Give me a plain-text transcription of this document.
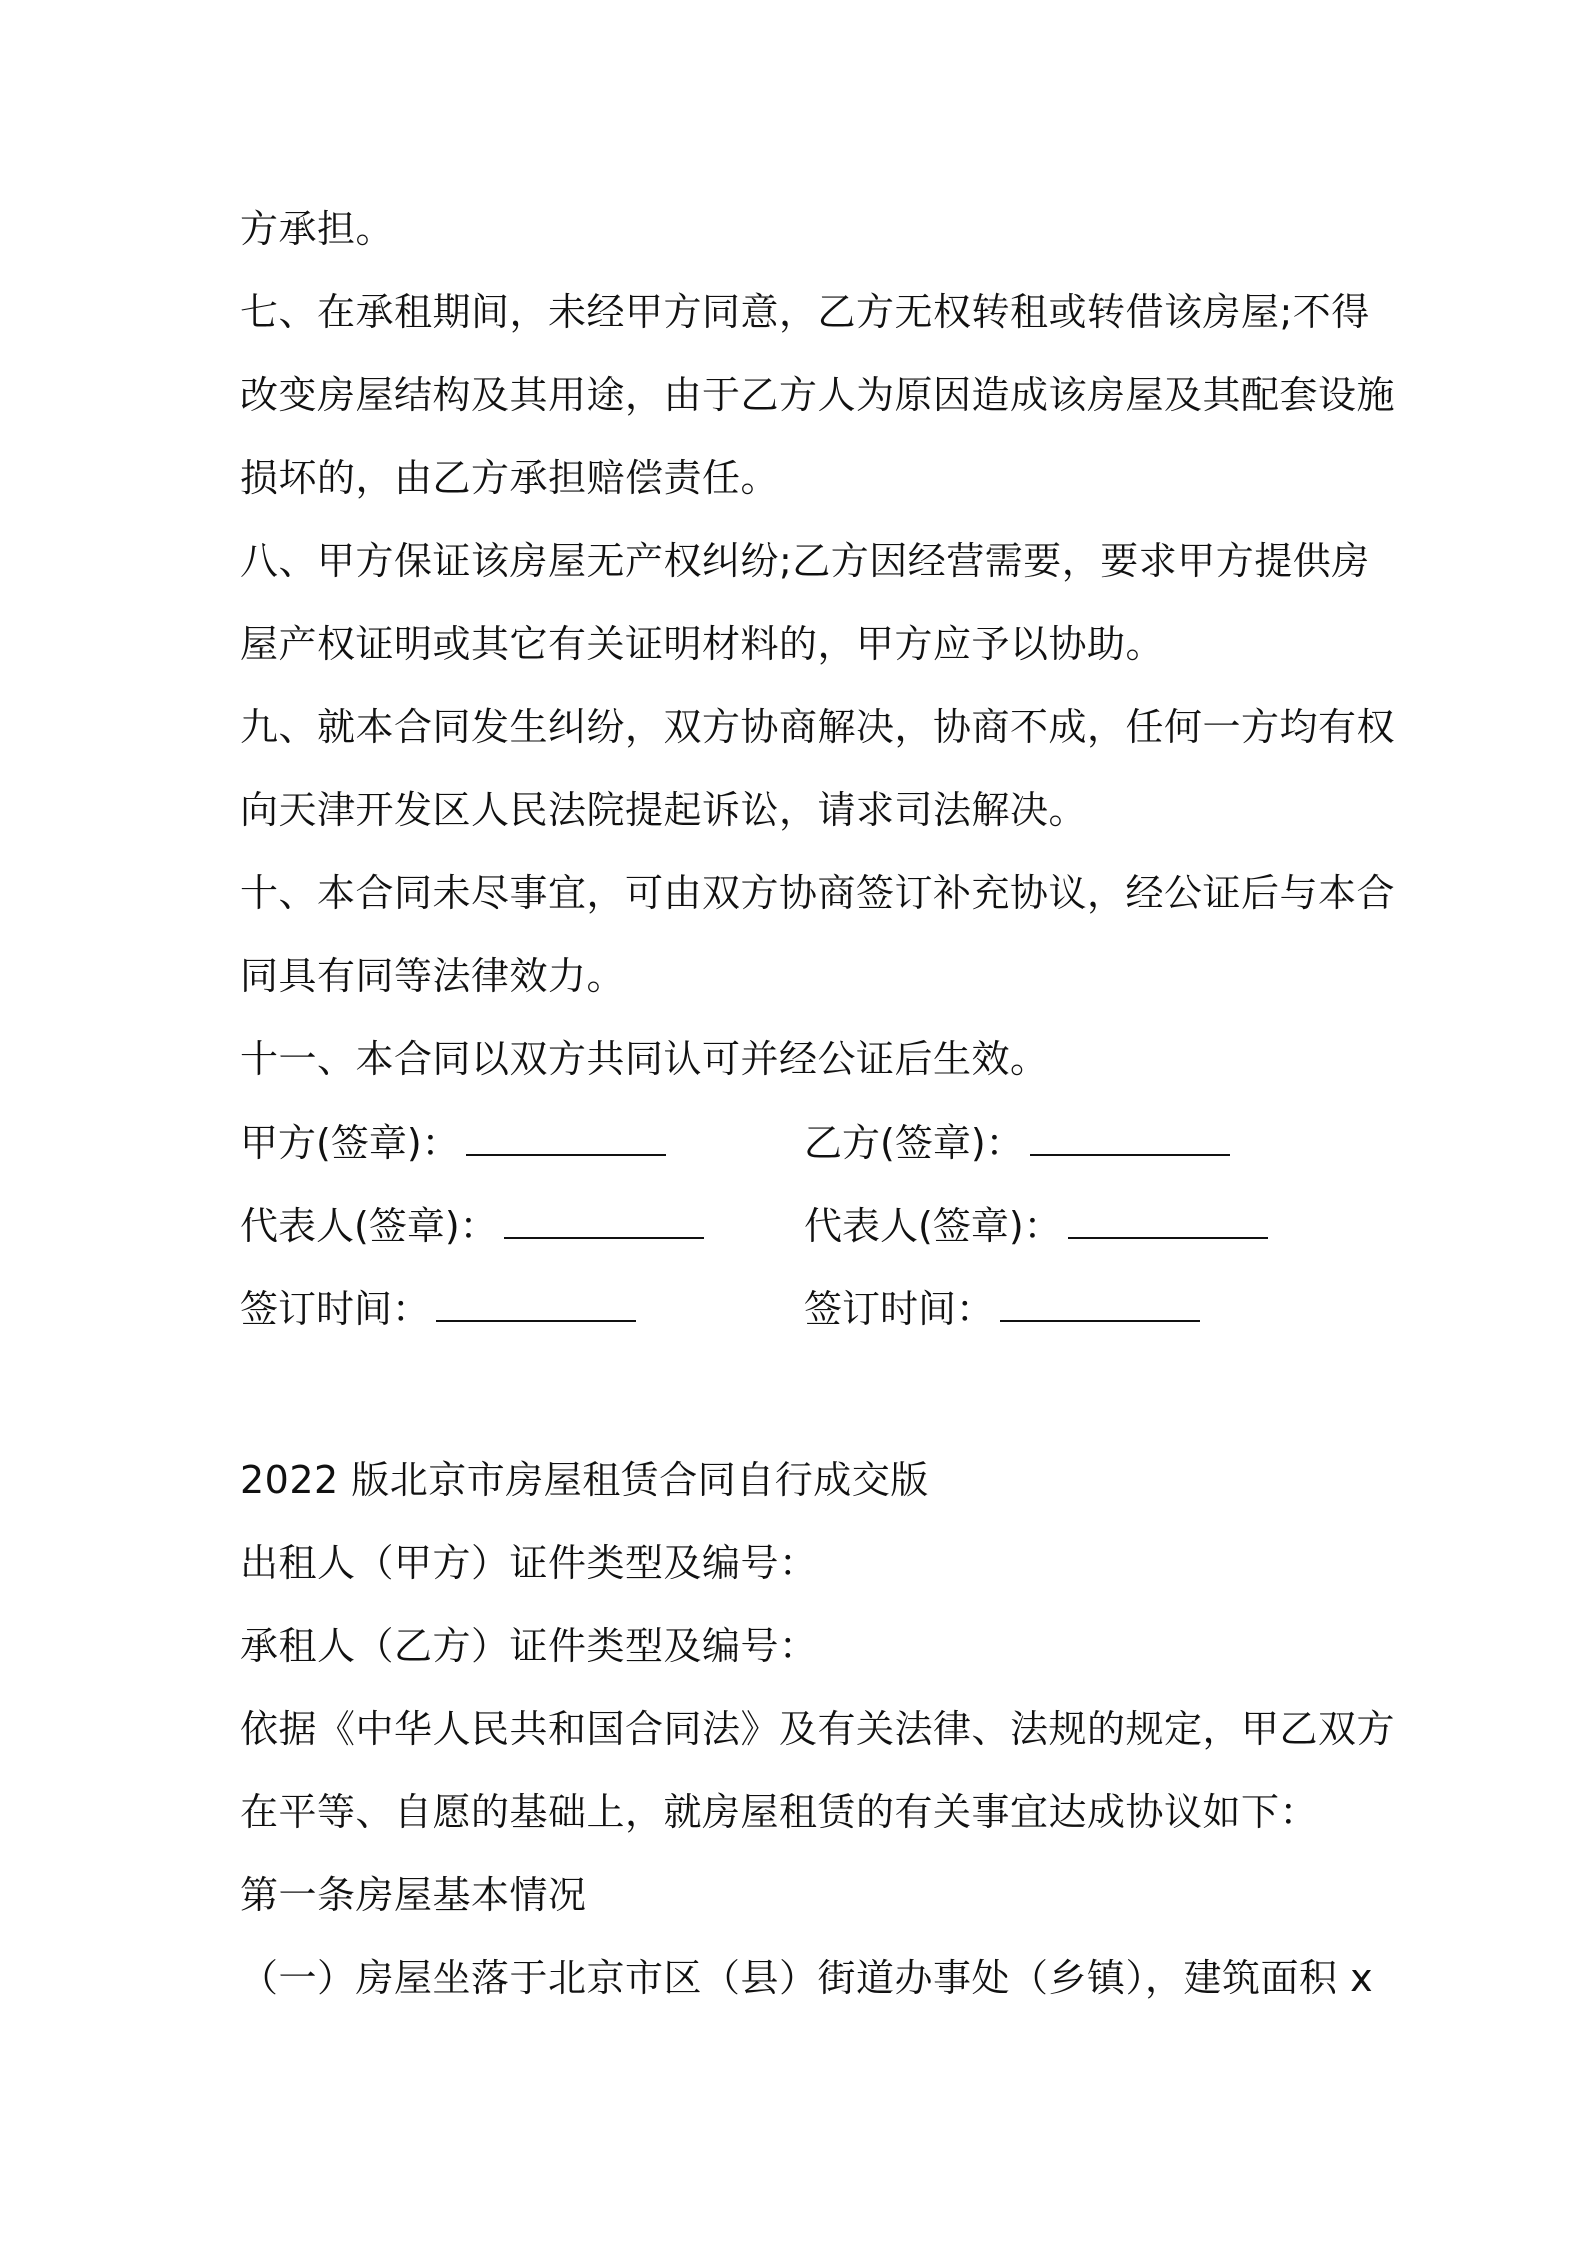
方承担。
七、在承租期间，未经甲方同意，乙方无权转租或转借该房屋;不得
改变房屋结构及其用途，由于乙方人为原因造成该房屋及其配套设施
损坏的，由乙方承担赔偿责任。
八、甲方保证该房屋无产权纠纷;乙方因经营需要，要求甲方提供房
屋产权证明或其它有关证明材料的，甲方应予以协助。
九、就本合同发生纠纷，双方协商解决，协商不成，任何一方均有权
向天津开发区人民法院提起诉讼，请求司法解决。
十、本合同未尽事宜，可由双方协商签订补充协议，经公证后与本合
同具有同等法律效力。
十一、本合同以双方共同认可并经公证后生效。
甲方(签章)：	乙方(签章)：
代表人(签章)：	代表人(签章)：
签订时间：	签订时间：
2022 版北京市房屋租赁合同自行成交版
出租人（甲方）证件类型及编号：
承租人（乙方）证件类型及编号：
依据《中华人民共和国合同法》及有关法律、法规的规定，甲乙双方
在平等、自愿的基础上，就房屋租赁的有关事宜达成协议如下：
第一条房屋基本情况
（一）房屋坐落于北京市区（县）街道办事处（乡镇），建筑面积 x
